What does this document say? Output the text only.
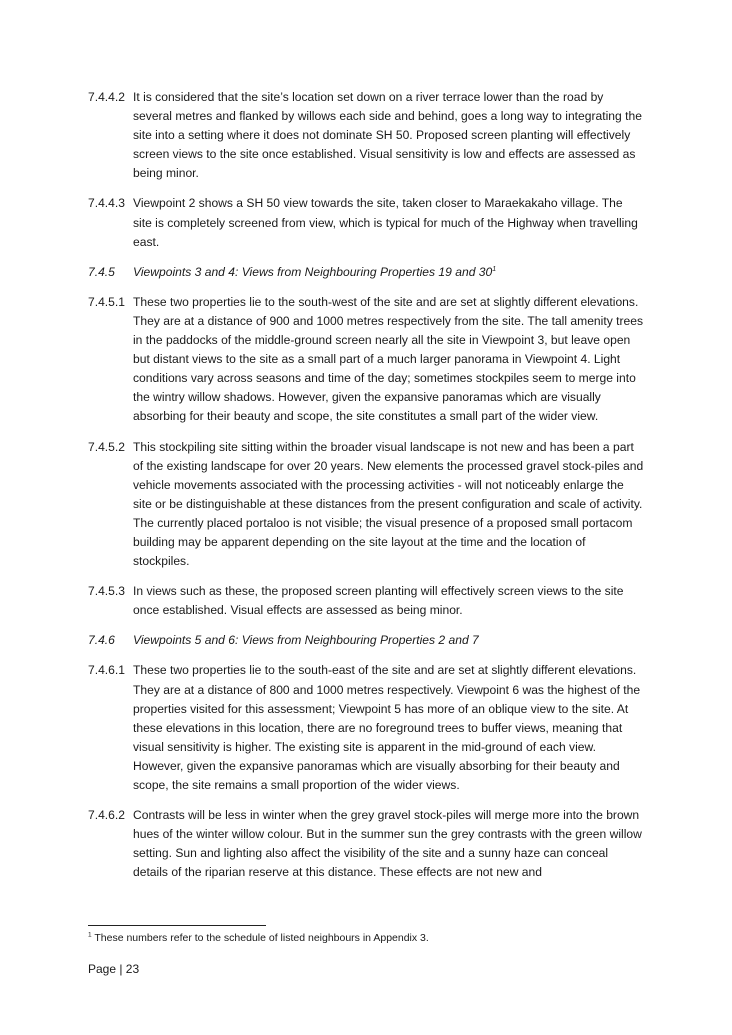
7.4.4.2 It is considered that the site’s location set down on a river terrace lower than the road by several metres and flanked by willows each side and behind, goes a long way to integrating the site into a setting where it does not dominate SH 50. Proposed screen planting will effectively screen views to the site once established. Visual sensitivity is low and effects are assessed as being minor.
7.4.4.3 Viewpoint 2 shows a SH 50 view towards the site, taken closer to Maraekakaho village. The site is completely screened from view, which is typical for much of the Highway when travelling east.
7.4.5 Viewpoints 3 and 4: Views from Neighbouring Properties 19 and $30^1$
7.4.5.1 These two properties lie to the south-west of the site and are set at slightly different elevations. They are at a distance of 900 and 1000 metres respectively from the site. The tall amenity trees in the paddocks of the middle-ground screen nearly all the site in Viewpoint 3, but leave open but distant views to the site as a small part of a much larger panorama in Viewpoint 4. Light conditions vary across seasons and time of the day; sometimes stockpiles seem to merge into the wintry willow shadows. However, given the expansive panoramas which are visually absorbing for their beauty and scope, the site constitutes a small part of the wider view.
7.4.5.2 This stockpiling site sitting within the broader visual landscape is not new and has been a part of the existing landscape for over 20 years. New elements the processed gravel stock-piles and vehicle movements associated with the processing activities - will not noticeably enlarge the site or be distinguishable at these distances from the present configuration and scale of activity. The currently placed portaloo is not visible; the visual presence of a proposed small portacom building may be apparent depending on the site layout at the time and the location of stockpiles.
7.4.5.3 In views such as these, the proposed screen planting will effectively screen views to the site once established. Visual effects are assessed as being minor.
7.4.6 Viewpoints 5 and 6: Views from Neighbouring Properties 2 and 7
7.4.6.1 These two properties lie to the south-east of the site and are set at slightly different elevations. They are at a distance of 800 and 1000 metres respectively. Viewpoint 6 was the highest of the properties visited for this assessment; Viewpoint 5 has more of an oblique view to the site. At these elevations in this location, there are no foreground trees to buffer views, meaning that visual sensitivity is higher. The existing site is apparent in the mid-ground of each view. However, given the expansive panoramas which are visually absorbing for their beauty and scope, the site remains a small proportion of the wider views.
7.4.6.2 Contrasts will be less in winter when the grey gravel stock-piles will merge more into the brown hues of the winter willow colour. But in the summer sun the grey contrasts with the green willow setting. Sun and lighting also affect the visibility of the site and a sunny haze can conceal details of the riparian reserve at this distance. These effects are not new and
$^1$ These numbers refer to the schedule of listed neighbours in Appendix 3.
Page | 23
